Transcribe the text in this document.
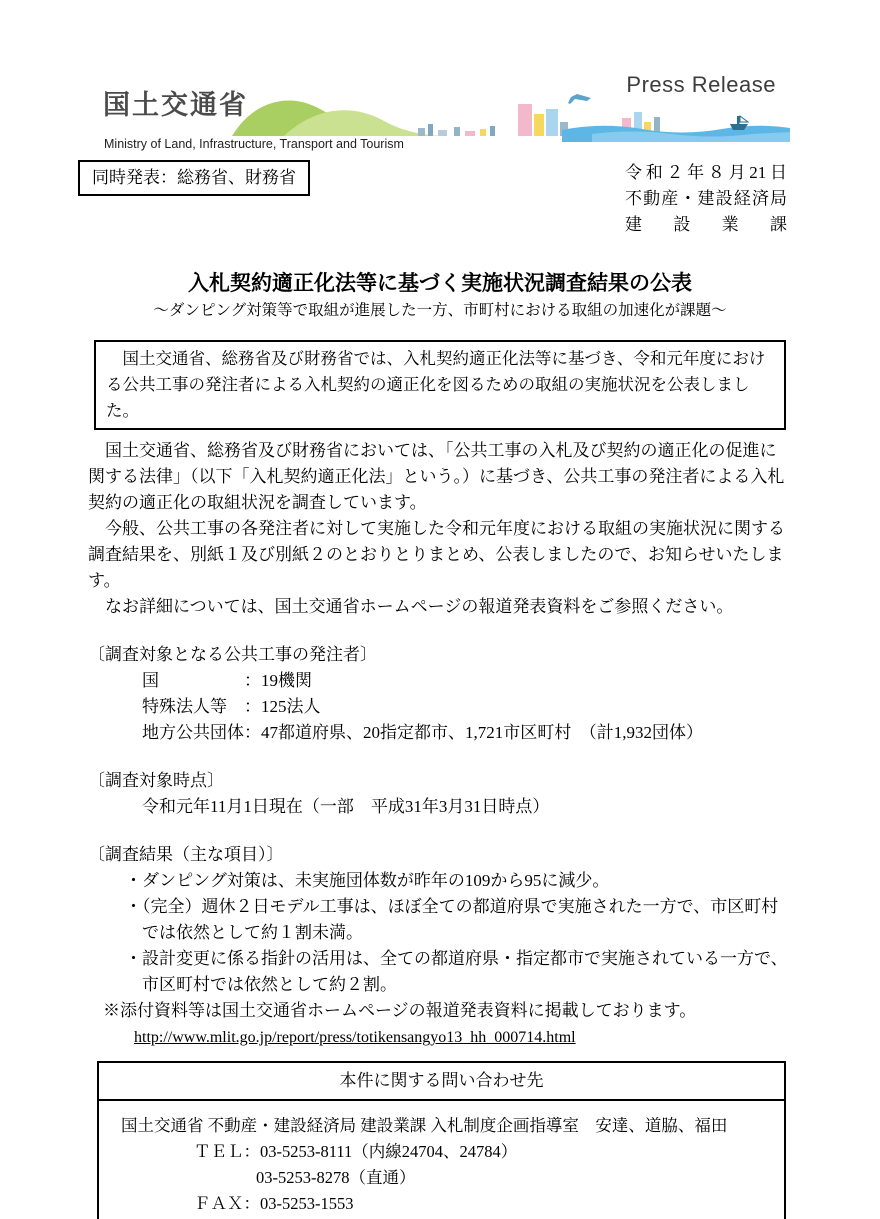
Press Release
国土交通省
Ministry of Land, Infrastructure, Transport and Tourism
同時発表：総務省、財務省	令和２年８月21日
不動産・建設経済局
建　設　業　課
入札契約適正化法等に基づく実施状況調査結果の公表
～ダンピング対策等で取組が進展した一方、市町村における取組の加速化が課題～
　国土交通省、総務省及び財務省では、入札契約適正化法等に基づき、令和元年度における公共工事の発注者による入札契約の適正化を図るための取組の実施状況を公表しました。
　国土交通省、総務省及び財務省においては、「公共工事の入札及び契約の適正化の促進に関する法律」（以下「入札契約適正化法」という。）に基づき、公共工事の発注者による入札契約の適正化の取組状況を調査しています。
　今般、公共工事の各発注者に対して実施した令和元年度における取組の実施状況に関する調査結果を、別紙１及び別紙２のとおりとりまとめ、公表しましたので、お知らせいたします。
　なお詳細については、国土交通省ホームページの報道発表資料をご参照ください。
〔調査対象となる公共工事の発注者〕
国　　　　　：19機関
特殊法人等　：125法人
地方公共団体：47都道府県、20指定都市、1,721市区町村　（計1,932団体）
〔調査対象時点〕
令和元年11月1日現在（一部　平成31年3月31日時点）
〔調査結果（主な項目）〕
・ダンピング対策は、未実施団体数が昨年の109から95に減少。
・（完全）週休２日モデル工事は、ほぼ全ての都道府県で実施された一方で、市区町村では依然として約１割未満。
・設計変更に係る指針の活用は、全ての都道府県・指定都市で実施されている一方で、市区町村では依然として約２割。
※添付資料等は国土交通省ホームページの報道発表資料に掲載しております。
http://www.mlit.go.jp/report/press/totikensangyo13_hh_000714.html
本件に関する問い合わせ先
国土交通省 不動産・建設経済局 建設業課 入札制度企画指導室　安達、道脇、福田
ＴＥＬ：03-5253-8111（内線24704、24784）
03-5253-8278（直通）
ＦＡＸ：03-5253-1553
